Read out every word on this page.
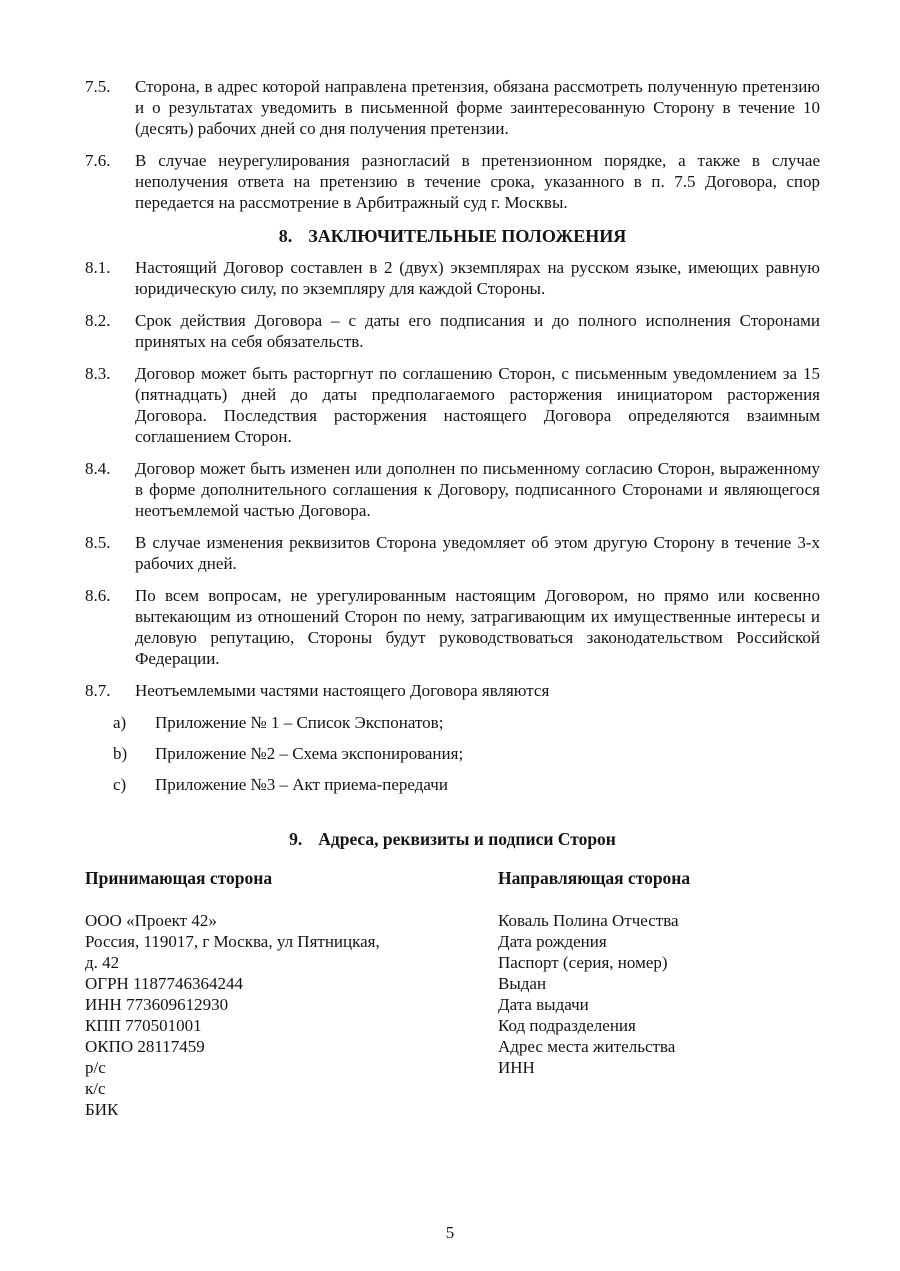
7.5.	Сторона, в адрес которой направлена претензия, обязана рассмотреть полученную претензию и о результатах уведомить в письменной форме заинтересованную Сторону в течение 10 (десять) рабочих дней со дня получения претензии.
7.6.	В случае неурегулирования разногласий в претензионном порядке, а также в случае неполучения ответа на претензию в течение срока, указанного в п. 7.5 Договора, спор передается на рассмотрение в Арбитражный суд г. Москвы.
8. ЗАКЛЮЧИТЕЛЬНЫЕ ПОЛОЖЕНИЯ
8.1.	Настоящий Договор составлен в 2 (двух) экземплярах на русском языке, имеющих равную юридическую силу, по экземпляру для каждой Стороны.
8.2.	Срок действия Договора – с даты его подписания и до полного исполнения Сторонами принятых на себя обязательств.
8.3.	Договор может быть расторгнут по соглашению Сторон, с письменным уведомлением за 15 (пятнадцать) дней до даты предполагаемого расторжения инициатором расторжения Договора. Последствия расторжения настоящего Договора определяются взаимным соглашением Сторон.
8.4.	Договор может быть изменен или дополнен по письменному согласию Сторон, выраженному в форме дополнительного соглашения к Договору, подписанного Сторонами и являющегося неотъемлемой частью Договора.
8.5.	В случае изменения реквизитов Сторона уведомляет об этом другую Сторону в течение 3-х рабочих дней.
8.6.	По всем вопросам, не урегулированным настоящим Договором, но прямо или косвенно вытекающим из отношений Сторон по нему, затрагивающим их имущественные интересы и деловую репутацию, Стороны будут руководствоваться законодательством Российской Федерации.
8.7.	Неотъемлемыми частями настоящего Договора являются
a)	Приложение № 1 – Список Экспонатов;
b)	Приложение №2 – Схема экспонирования;
c)	Приложение №3 – Акт приема-передачи
9. Адреса, реквизиты и подписи Сторон
Принимающая сторона
ООО «Проект 42»
Россия, 119017, г Москва, ул Пятницкая,
д. 42
ОГРН 1187746364244
ИНН 773609612930
КПП 770501001
ОКПО 28117459
р/с
к/с
БИК
Направляющая сторона
Коваль Полина Отчества
Дата рождения
Паспорт (серия, номер)
Выдан
Дата выдачи
Код подразделения
Адрес места жительства
ИНН
5
